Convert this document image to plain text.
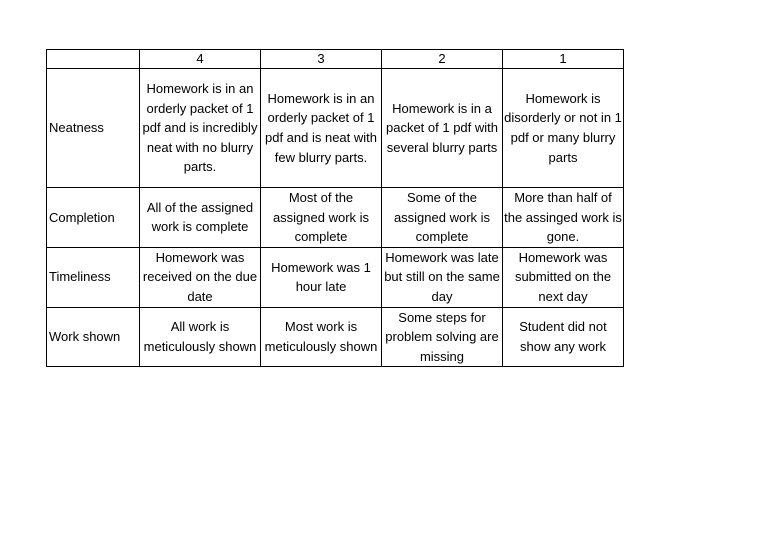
	4	3	2	1
Neatness	Homework is in an orderly packet of 1 pdf and is incredibly neat with no blurry parts.	Homework is in an orderly packet of 1 pdf and is neat with few blurry parts.	Homework is in a packet of 1 pdf with several blurry parts	Homework is disorderly or not in 1 pdf or many blurry parts
Completion	All of the assigned work is complete	Most of the assigned work is complete	Some of the assigned work is complete	More than half of the assinged work is gone.
Timeliness	Homework was received on the due date	Homework was 1 hour late	Homework was late but still on the same day	Homework was submitted on the next day
Work shown	All work is meticulously shown	Most work is meticulously shown	Some steps for problem solving are missing	Student did not show any work
